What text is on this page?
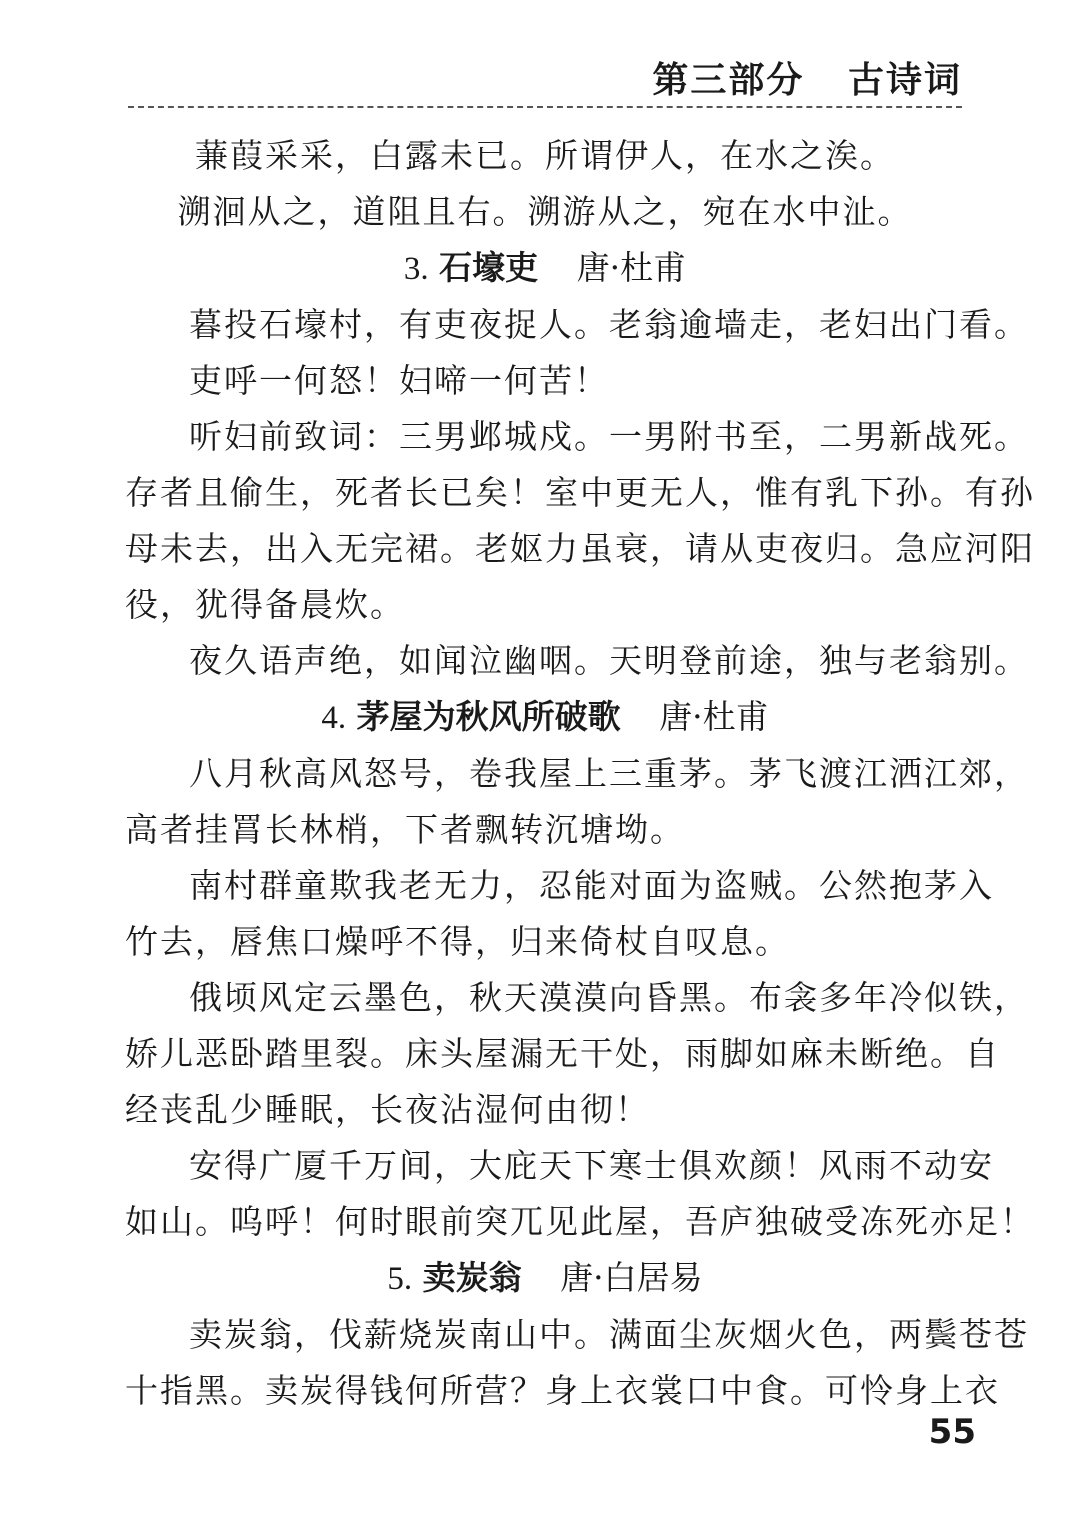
第三部分   古诗词

蒹葭采采，白露未已。所谓伊人，在水之涘。

溯洄从之，道阻且右。溯游从之，宛在水中沚。

3. 石壕吏 唐·杜甫

暮投石壕村，有吏夜捉人。老翁逾墙走，老妇出门看。

吏呼一何怒！妇啼一何苦！

听妇前致词：三男邺城戍。一男附书至，二男新战死。

存者且偷生，死者长已矣！室中更无人，惟有乳下孙。有孙

母未去，出入无完裙。老妪力虽衰，请从吏夜归。急应河阳

役，犹得备晨炊。

夜久语声绝，如闻泣幽咽。天明登前途，独与老翁别。

4. 茅屋为秋风所破歌 唐·杜甫

八月秋高风怒号，卷我屋上三重茅。茅飞渡江洒江郊，

高者挂罥长林梢，下者飘转沉塘坳。

南村群童欺我老无力，忍能对面为盗贼。公然抱茅入

竹去，唇焦口燥呼不得，归来倚杖自叹息。

俄顷风定云墨色，秋天漠漠向昏黑。布衾多年冷似铁，

娇儿恶卧踏里裂。床头屋漏无干处，雨脚如麻未断绝。自

经丧乱少睡眠，长夜沾湿何由彻！

安得广厦千万间，大庇天下寒士俱欢颜！风雨不动安

如山。呜呼！何时眼前突兀见此屋，吾庐独破受冻死亦足！

5. 卖炭翁 唐·白居易

卖炭翁，伐薪烧炭南山中。满面尘灰烟火色，两鬓苍苍

十指黑。卖炭得钱何所营？身上衣裳口中食。可怜身上衣

55
